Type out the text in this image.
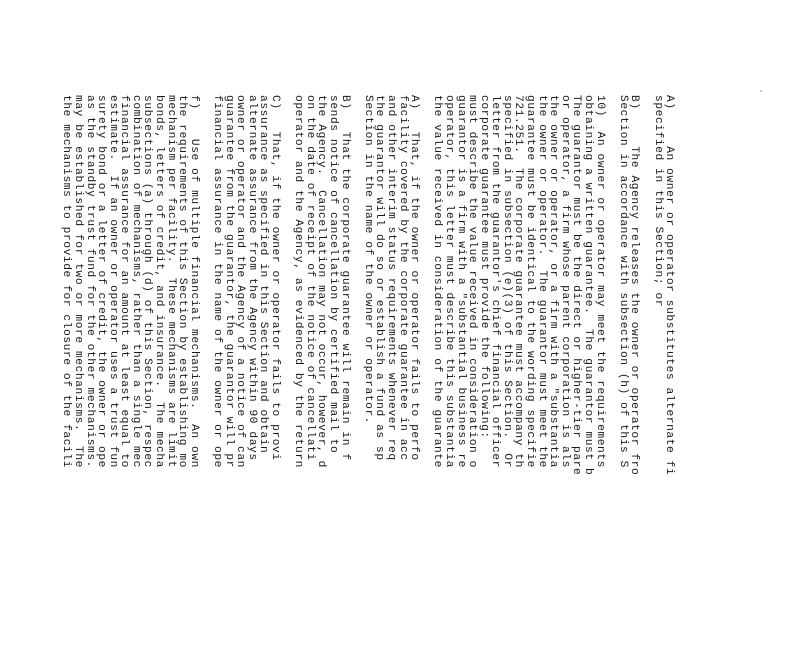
A)     An owner or operator substitutes alternate fi
specified in this Section; or
B)     The Agency releases the owner or operator fro
Section in accordance with subsection (h) of this S
10)  An owner or operator may meet the requirements
obtaining a written guarantee.  The guarantor must b
The guarantor must be the direct or higher-tier pare
or operator, a firm whose parent corporation is als
the owner or operator, or a firm with a "substantia
the owner or operator.  The guarantor must meet the
guarantee must be identical to the wording specifie
721.251.  The corporate guarantee must accompany th
specified in subsection (e)(3) of this Section.  Or
letter from the guarantor's chief financial officer
corporate guarantee must provide the following:
must describe the value received in consideration o
guarantor is a firm with a "substantial business re
operator, this letter must describe this substantia
the value received in consideration of the guarante
A)   That, if the owner or operator fails to perfo
facility covered by the corporate guarantee in acc
and other interim status requirements whenever req
the guarantor will do so or establish a fund as sp
Section in the name of the owner or operator.
B)   That the corporate guarantee will remain in f
sends notice of cancellation by certified mail to
the Agency.  Cancellation may not occur, however, d
on the date of receipt of the notice of cancellati
operator and the Agency, as evidenced by the return
C)   That, if the owner or operator fails to provi
assurance as specified in this Section and obtain
alternate assurance from the Agency within 90 days
owner or operator and the Agency of a notice of can
guarantee from the guarantor, the guarantor will pr
financial assurance in the name of the owner or ope
f)    Use of multiple financial mechanisms.  An own
the requirements of this Section by establishing mo
mechanism per facility.  These mechanisms are limit
bonds, letters of credit, and insurance.  The mecha
subsections (a) through (d) of this Section, respec
combination of mechanisms, rather than a single mec
financial assurance for an amount at least equal to
estimate.  If an owner or operator uses a trust fun
surety bond or a letter of credit, the owner or ope
as the standby trust fund for the other mechanisms.
may be established for two or more mechanisms.  The
the mechanisms to provide for closure of the facili
